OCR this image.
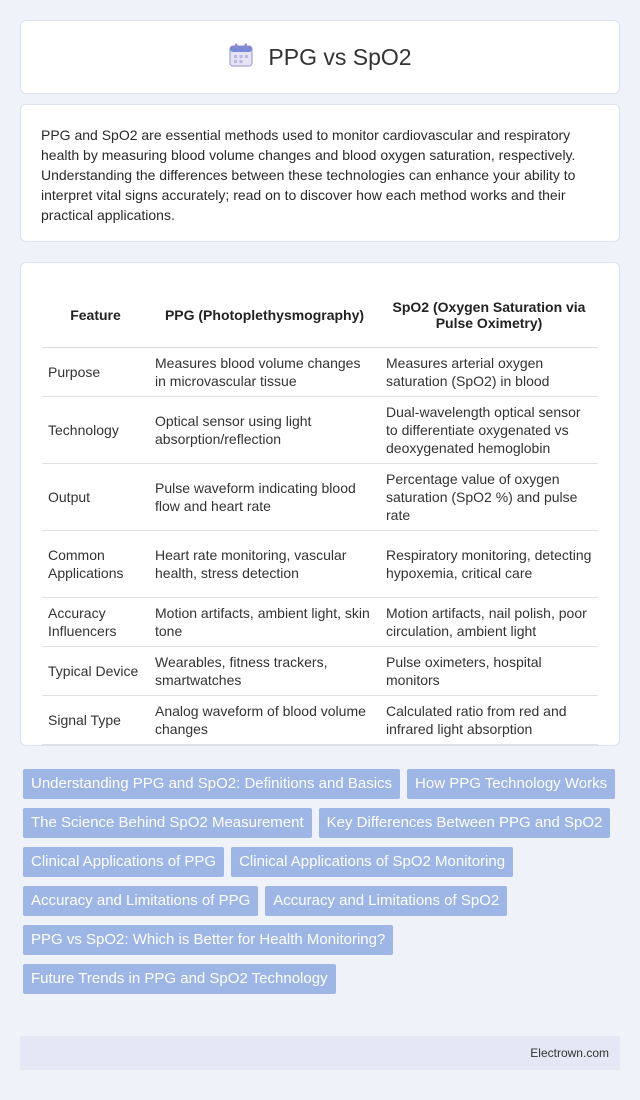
PPG vs SpO2

PPG and SpO2 are essential methods used to monitor cardiovascular and respiratory health by measuring blood volume changes and blood oxygen saturation, respectively. Understanding the differences between these technologies can enhance your ability to interpret vital signs accurately; read on to discover how each method works and their practical applications.

Feature	PPG (Photoplethysmography)	SpO2 (Oxygen Saturation via Pulse Oximetry)
Purpose	Measures blood volume changes in microvascular tissue	Measures arterial oxygen saturation (SpO2) in blood
Technology	Optical sensor using light absorption/reflection	Dual-wavelength optical sensor to differentiate oxygenated vs deoxygenated hemoglobin
Output	Pulse waveform indicating blood flow and heart rate	Percentage value of oxygen saturation (SpO2 %) and pulse rate
Common Applications	Heart rate monitoring, vascular health, stress detection	Respiratory monitoring, detecting hypoxemia, critical care
Accuracy Influencers	Motion artifacts, ambient light, skin tone	Motion artifacts, nail polish, poor circulation, ambient light
Typical Device	Wearables, fitness trackers, smartwatches	Pulse oximeters, hospital monitors
Signal Type	Analog waveform of blood volume changes	Calculated ratio from red and infrared light absorption
Understanding PPG and SpO2: Definitions and Basics	How PPG Technology Works
The Science Behind SpO2 Measurement	Key Differences Between PPG and SpO2
Clinical Applications of PPG	Clinical Applications of SpO2 Monitoring
Accuracy and Limitations of PPG	Accuracy and Limitations of SpO2
PPG vs SpO2: Which is Better for Health Monitoring?
Future Trends in PPG and SpO2 Technology
Electrown.com
